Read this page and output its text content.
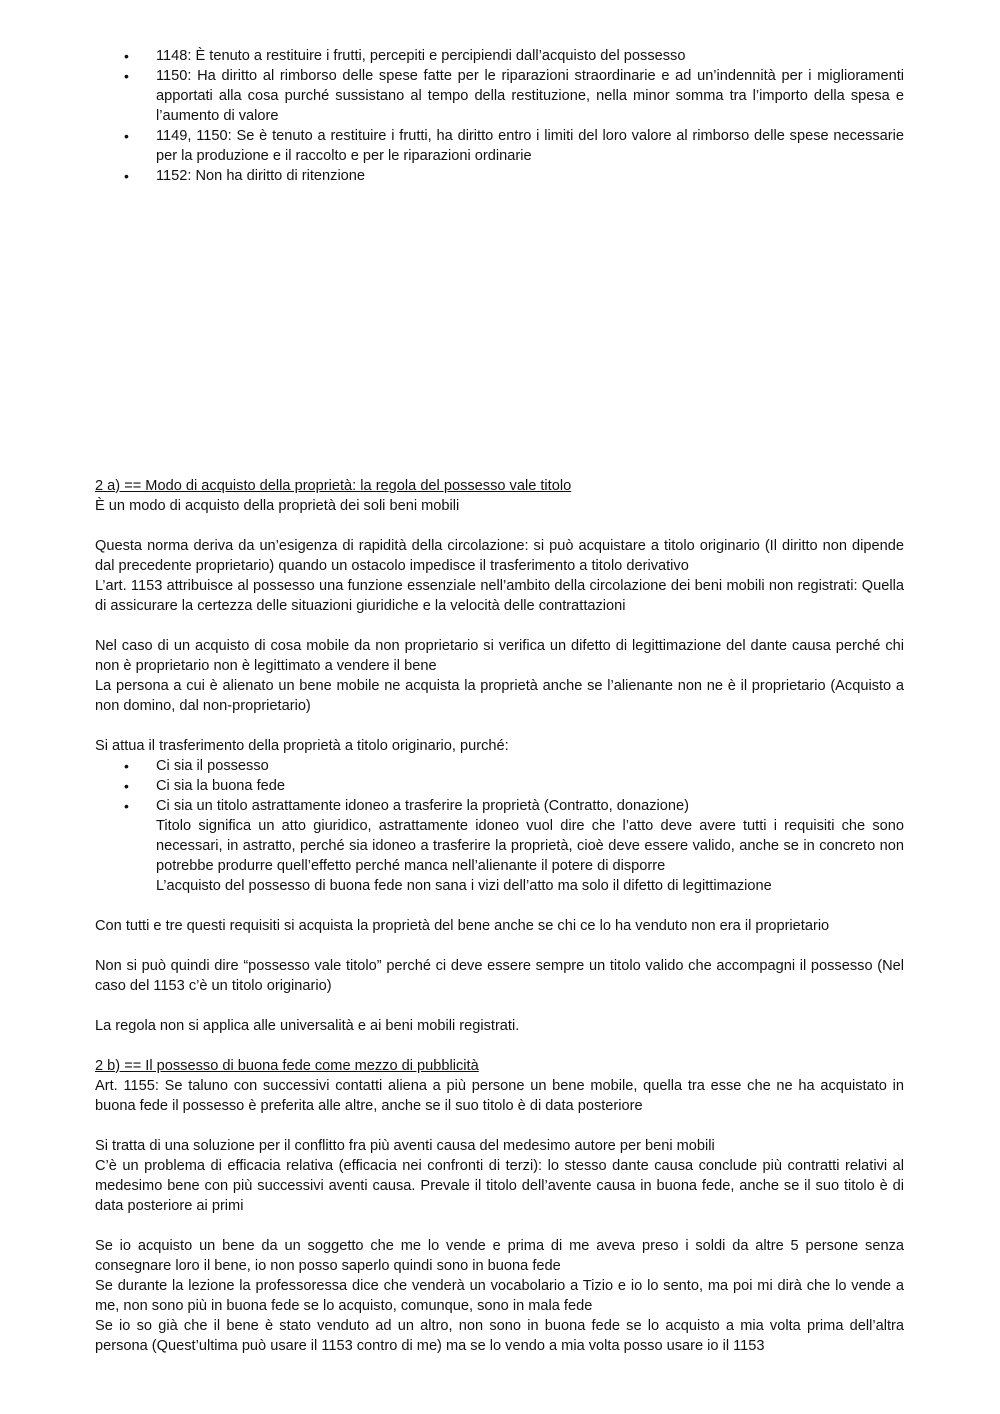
• 1148: È tenuto a restituire i frutti, percepiti e percipiendi dall’acquisto del possesso
• 1150: Ha diritto al rimborso delle spese fatte per le riparazioni straordinarie e ad un’indennità per i miglioramenti apportati alla cosa purché sussistano al tempo della restituzione, nella minor somma tra l’importo della spesa e l’aumento di valore
• 1149, 1150: Se è tenuto a restituire i frutti, ha diritto entro i limiti del loro valore al rimborso delle spese necessarie per la produzione e il raccolto e per le riparazioni ordinarie
• 1152: Non ha diritto di ritenzione

2 a) == Modo di acquisto della proprietà: la regola del possesso vale titolo

È un modo di acquisto della proprietà dei soli beni mobili

Questa norma deriva da un’esigenza di rapidità della circolazione: si può acquistare a titolo originario (Il diritto non dipende dal precedente proprietario) quando un ostacolo impedisce il trasferimento a titolo derivativo

L’art. 1153 attribuisce al possesso una funzione essenziale nell’ambito della circolazione dei beni mobili non registrati: Quella di assicurare la certezza delle situazioni giuridiche e la velocità delle contrattazioni

Nel caso di un acquisto di cosa mobile da non proprietario si verifica un difetto di legittimazione del dante causa perché chi non è proprietario non è legittimato a vendere il bene

La persona a cui è alienato un bene mobile ne acquista la proprietà anche se l’alienante non ne è il proprietario (Acquisto a non domino, dal non-proprietario)

Si attua il trasferimento della proprietà a titolo originario, purché:

• Ci sia il possesso
• Ci sia la buona fede
• Ci sia un titolo astrattamente idoneo a trasferire la proprietà (Contratto, donazione)

Titolo significa un atto giuridico, astrattamente idoneo vuol dire che l’atto deve avere tutti i requisiti che sono necessari, in astratto, perché sia idoneo a trasferire la proprietà, cioè deve essere valido, anche se in concreto non potrebbe produrre quell’effetto perché manca nell’alienante il potere di disporre

L’acquisto del possesso di buona fede non sana i vizi dell’atto ma solo il difetto di legittimazione

Con tutti e tre questi requisiti si acquista la proprietà del bene anche se chi ce lo ha venduto non era il proprietario

Non si può quindi dire “possesso vale titolo” perché ci deve essere sempre un titolo valido che accompagni il possesso (Nel caso del 1153 c’è un titolo originario)

La regola non si applica alle universalità e ai beni mobili registrati.

2 b) == Il possesso di buona fede come mezzo di pubblicità

Art. 1155: Se taluno con successivi contatti aliena a più persone un bene mobile, quella tra esse che ne ha acquistato in buona fede il possesso è preferita alle altre, anche se il suo titolo è di data posteriore

Si tratta di una soluzione per il conflitto fra più aventi causa del medesimo autore per beni mobili

C’è un problema di efficacia relativa (efficacia nei confronti di terzi): lo stesso dante causa conclude più contratti relativi al medesimo bene con più successivi aventi causa. Prevale il titolo dell’avente causa in buona fede, anche se il suo titolo è di data posteriore ai primi

Se io acquisto un bene da un soggetto che me lo vende e prima di me aveva preso i soldi da altre 5 persone senza consegnare loro il bene, io non posso saperlo quindi sono in buona fede

Se durante la lezione la professoressa dice che venderà un vocabolario a Tizio e io lo sento, ma poi mi dirà che lo vende a me, non sono più in buona fede se lo acquisto, comunque, sono in mala fede

Se io so già che il bene è stato venduto ad un altro, non sono in buona fede se lo acquisto a mia volta prima dell’altra persona (Quest’ultima può usare il 1153 contro di me) ma se lo vendo a mia volta posso usare io il 1153
